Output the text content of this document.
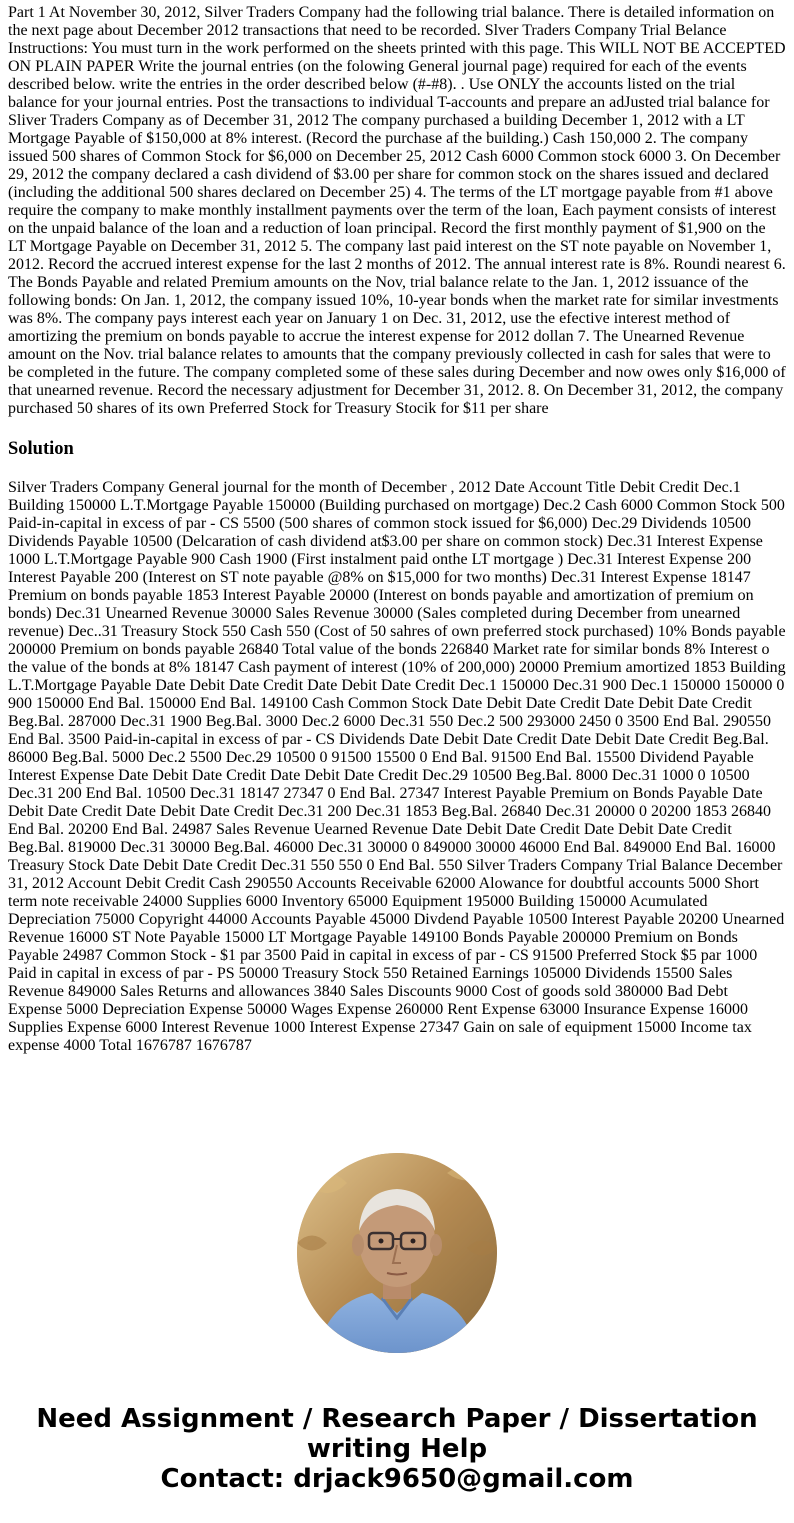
Part 1 At November 30, 2012, Silver Traders Company had the following trial balance. There is detailed information on the next page about December 2012 transactions that need to be recorded. Slver Traders Company Trial Belance Instructions: You must turn in the work performed on the sheets printed with this page. This WILL NOT BE ACCEPTED ON PLAIN PAPER Write the journal entries (on the folowing General journal page) required for each of the events described below. write the entries in the order described below (#-#8). . Use ONLY the accounts listed on the trial balance for your journal entries. Post the transactions to individual T-accounts and prepare an adJusted trial balance for Sliver Traders Company as of December 31, 2012 The company purchased a building December 1, 2012 with a LT Mortgage Payable of $150,000 at 8% interest. (Record the purchase af the building.) Cash 150,000 2. The company issued 500 shares of Common Stock for $6,000 on December 25, 2012 Cash 6000 Common stock 6000 3. On December 29, 2012 the company declared a cash dividend of $3.00 per share for common stock on the shares issued and declared (including the additional 500 shares declared on December 25) 4. The terms of the LT mortgage payable from #1 above require the company to make monthly installment payments over the term of the loan, Each payment consists of interest on the unpaid balance of the loan and a reduction of loan principal. Record the first monthly payment of $1,900 on the LT Mortgage Payable on December 31, 2012 5. The company last paid interest on the ST note payable on November 1, 2012. Record the accrued interest expense for the last 2 months of 2012. The annual interest rate is 8%. Roundi nearest 6. The Bonds Payable and related Premium amounts on the Nov, trial balance relate to the Jan. 1, 2012 issuance of the following bonds: On Jan. 1, 2012, the company issued 10%, 10-year bonds when the market rate for similar investments was 8%. The company pays interest each year on January 1 on Dec. 31, 2012, use the efective interest method of amortizing the premium on bonds payable to accrue the interest expense for 2012 dollan 7. The Unearned Revenue amount on the Nov. trial balance relates to amounts that the company previously collected in cash for sales that were to be completed in the future. The company completed some of these sales during December and now owes only $16,000 of that unearned revenue. Record the necessary adjustment for December 31, 2012. 8. On December 31, 2012, the company purchased 50 shares of its own Preferred Stock for Treasury Stocik for $11 per share

Solution

Silver Traders Company General journal for the month of December , 2012 Date Account Title Debit Credit Dec.1 Building 150000 L.T.Mortgage Payable 150000 (Building purchased on mortgage) Dec.2 Cash 6000 Common Stock 500 Paid-in-capital in excess of par - CS 5500 (500 shares of common stock issued for $6,000) Dec.29 Dividends 10500 Dividends Payable 10500 (Delcaration of cash dividend at$3.00 per share on common stock) Dec.31 Interest Expense 1000 L.T.Mortgage Payable 900 Cash 1900 (First instalment paid onthe LT mortgage ) Dec.31 Interest Expense 200 Interest Payable 200 (Interest on ST note payable @8% on $15,000 for two months) Dec.31 Interest Expense 18147 Premium on bonds payable 1853 Interest Payable 20000 (Interest on bonds payable and amortization of premium on bonds) Dec.31 Unearned Revenue 30000 Sales Revenue 30000 (Sales completed during December from unearned revenue) Dec..31 Treasury Stock 550 Cash 550 (Cost of 50 sahres of own preferred stock purchased) 10% Bonds payable 200000 Premium on bonds payable 26840 Total value of the bonds 226840 Market rate for similar bonds 8% Interest o the value of the bonds at 8% 18147 Cash payment of interest (10% of 200,000) 20000 Premium amortized 1853 Building L.T.Mortgage Payable Date Debit Date Credit Date Debit Date Credit Dec.1 150000 Dec.31 900 Dec.1 150000 150000 0 900 150000 End Bal. 150000 End Bal. 149100 Cash Common Stock Date Debit Date Credit Date Debit Date Credit Beg.Bal. 287000 Dec.31 1900 Beg.Bal. 3000 Dec.2 6000 Dec.31 550 Dec.2 500 293000 2450 0 3500 End Bal. 290550 End Bal. 3500 Paid-in-capital in excess of par - CS Dividends Date Debit Date Credit Date Debit Date Credit Beg.Bal. 86000 Beg.Bal. 5000 Dec.2 5500 Dec.29 10500 0 91500 15500 0 End Bal. 91500 End Bal. 15500 Dividend Payable Interest Expense Date Debit Date Credit Date Debit Date Credit Dec.29 10500 Beg.Bal. 8000 Dec.31 1000 0 10500 Dec.31 200 End Bal. 10500 Dec.31 18147 27347 0 End Bal. 27347 Interest Payable Premium on Bonds Payable Date Debit Date Credit Date Debit Date Credit Dec.31 200 Dec.31 1853 Beg.Bal. 26840 Dec.31 20000 0 20200 1853 26840 End Bal. 20200 End Bal. 24987 Sales Revenue Uearned Revenue Date Debit Date Credit Date Debit Date Credit Beg.Bal. 819000 Dec.31 30000 Beg.Bal. 46000 Dec.31 30000 0 849000 30000 46000 End Bal. 849000 End Bal. 16000 Treasury Stock Date Debit Date Credit Dec.31 550 550 0 End Bal. 550 Silver Traders Company Trial Balance December 31, 2012 Account Debit Credit Cash 290550 Accounts Receivable 62000 Alowance for doubtful accounts 5000 Short term note receivable 24000 Supplies 6000 Inventory 65000 Equipment 195000 Building 150000 Acumulated Depreciation 75000 Copyright 44000 Accounts Payable 45000 Divdend Payable 10500 Interest Payable 20200 Unearned Revenue 16000 ST Note Payable 15000 LT Mortgage Payable 149100 Bonds Payable 200000 Premium on Bonds Payable 24987 Common Stock - $1 par 3500 Paid in capital in excess of par - CS 91500 Preferred Stock $5 par 1000 Paid in capital in excess of par - PS 50000 Treasury Stock 550 Retained Earnings 105000 Dividends 15500 Sales Revenue 849000 Sales Returns and allowances 3840 Sales Discounts 9000 Cost of goods sold 380000 Bad Debt Expense 5000 Depreciation Expense 50000 Wages Expense 260000 Rent Expense 63000 Insurance Expense 16000 Supplies Expense 6000 Interest Revenue 1000 Interest Expense 27347 Gain on sale of equipment 15000 Income tax expense 4000 Total 1676787 1676787

Need Assignment / Research Paper / Dissertation
writing Help
Contact: drjack9650@gmail.com
